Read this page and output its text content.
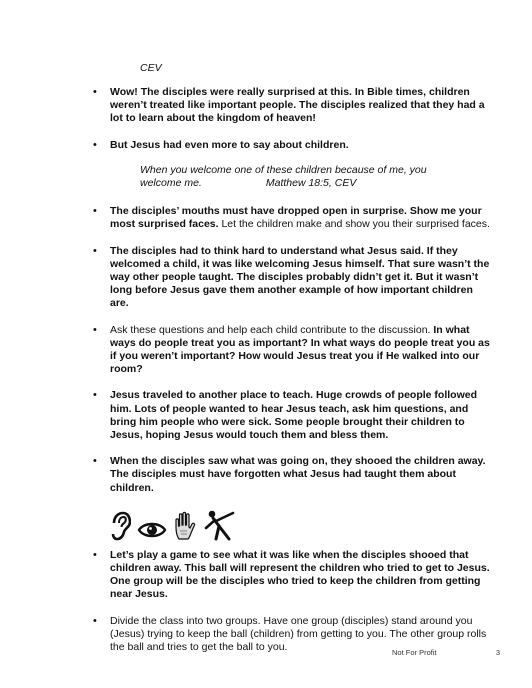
CEV
• Wow! The disciples were really surprised at this. In Bible times, children weren’t treated like important people. The disciples realized that they had a lot to learn about the kingdom of heaven!
• But Jesus had even more to say about children.
When you welcome one of these children because of me, you welcome me.	Matthew 18:5, CEV
• The disciples’ mouths must have dropped open in surprise. Show me your most surprised faces. Let the children make and show you their surprised faces.
• The disciples had to think hard to understand what Jesus said. If they welcomed a child, it was like welcoming Jesus himself. That sure wasn’t the way other people taught. The disciples probably didn’t get it. But it wasn’t long before Jesus gave them another example of how important children are.
• Ask these questions and help each child contribute to the discussion. In what ways do people treat you as important? In what ways do people treat you as if you weren’t important? How would Jesus treat you if He walked into our room?
• Jesus traveled to another place to teach. Huge crowds of people followed him. Lots of people wanted to hear Jesus teach, ask him questions, and bring him people who were sick. Some people brought their children to Jesus, hoping Jesus would touch them and bless them.
• When the disciples saw what was going on, they shooed the children away. The disciples must have forgotten what Jesus had taught them about children.
• Let’s play a game to see what it was like when the disciples shooed that children away. This ball will represent the children who tried to get to Jesus. One group will be the disciples who tried to keep the children from getting near Jesus.
• Divide the class into two groups. Have one group (disciples) stand around you (Jesus) trying to keep the ball (children) from getting to you. The other group rolls the ball and tries to get the ball to you.	Not For Profit	3
